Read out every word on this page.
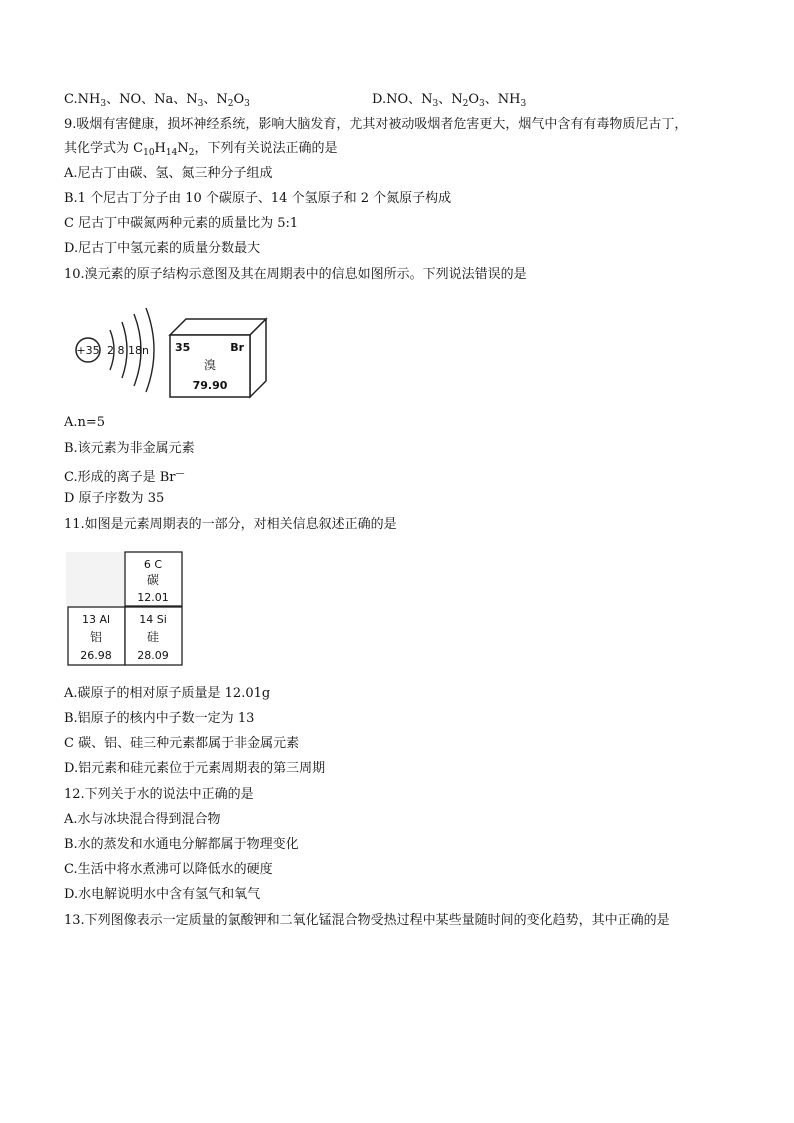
$C.NH_3$、NO、Na、$N_3$、$N_2O_3$	D.NO、$N_3$、$N_2O_3$、$NH_3$
9.吸烟有害健康，损坏神经系统，影响大脑发育，尤其对被动吸烟者危害更大，烟气中含有有毒物质尼古丁，
其化学式为 $C_{10}H_{14}N_2$，下列有关说法正确的是
A.尼古丁由碳、氢、氮三种分子组成
B.1 个尼古丁分子由 10 个碳原子、14 个氢原子和 2 个氮原子构成
C 尼古丁中碳氮两种元素的质量比为 5:1
D.尼古丁中氢元素的质量分数最大
10.溴元素的原子结构示意图及其在周期表中的信息如图所示。下列说法错误的是
+35 2 8 18n 35	Br
溴
79.90
A.n=5
B.该元素为非金属元素
C.形成的离子是 Br—
D 原子序数为 35
11.如图是元素周期表的一部分，对相关信息叙述正确的是
6 C
碳
12.01
13 Al
铝
26.98
14 Si
硅
28.09
A.碳原子的相对原子质量是 12.01g
B.铝原子的核内中子数一定为 13
C 碳、铝、硅三种元素都属于非金属元素
D.铝元素和硅元素位于元素周期表的第三周期
12.下列关于水的说法中正确的是
A.水与冰块混合得到混合物
B.水的蒸发和水通电分解都属于物理变化
C.生活中将水煮沸可以降低水的硬度
D.水电解说明水中含有氢气和氧气
13.下列图像表示一定质量的氯酸钾和二氧化锰混合物受热过程中某些量随时间的变化趋势，其中正确的是
